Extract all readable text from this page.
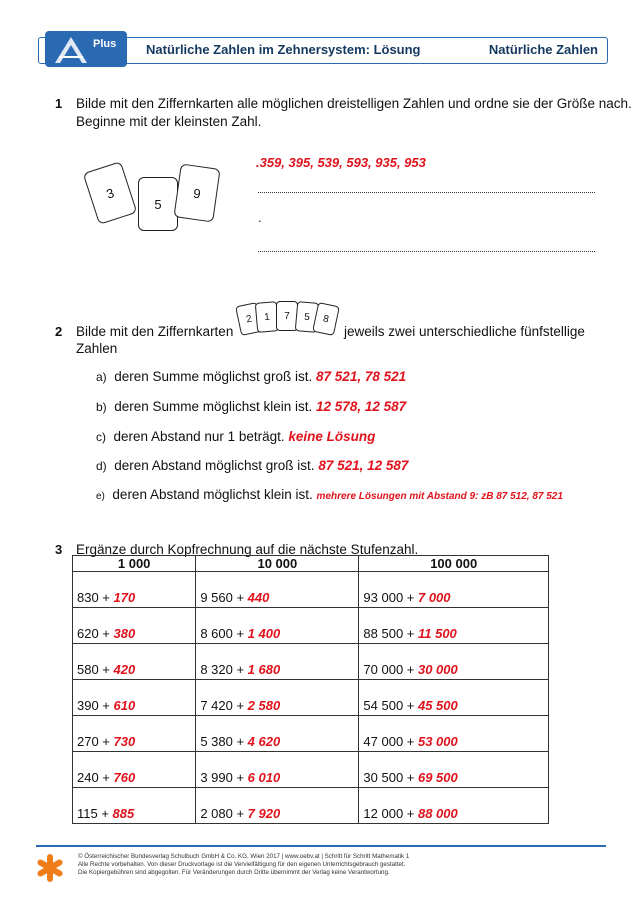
Plus Natürliche Zahlen im Zehnersystem: Lösung	Natürliche Zahlen
1 Bilde mit den Ziffernkarten alle möglichen dreistelligen Zahlen und ordne sie der Größe nach.
Beginne mit der kleinsten Zahl.
3
5
9
.359, 395, 539, 593, 935, 953
.
2 Bilde mit den Ziffernkarten
2 1 7 5 8
jeweils zwei unterschiedliche fünfstellige
Zahlen
a) deren Summe möglichst groß ist. 87 521, 78 521
b) deren Summe möglichst klein ist. 12 578, 12 587
c) deren Abstand nur 1 beträgt. keine Lösung
d) deren Abstand möglichst groß ist. 87 521, 12 587
e) deren Abstand möglichst klein ist. mehrere Lösungen mit Abstand 9: zB 87 512, 87 521
3 Ergänze durch Kopfrechnung auf die nächste Stufenzahl.
1 000	10 000	100 000
830 + 170	9 560 + 440	93 000 + 7 000
620 + 380	8 600 + 1 400	88 500 + 11 500
580 + 420	8 320 + 1 680	70 000 + 30 000
390 + 610	7 420 + 2 580	54 500 + 45 500
270 + 730	5 380 + 4 620	47 000 + 53 000
240 + 760	3 990 + 6 010	30 500 + 69 500
115 + 885	2 080 + 7 920	12 000 + 88 000
© Österreichischer Bundesverlag Schulbuch GmbH & Co. KG, Wien 2017 | www.oebv.at | Schritt für Schritt Mathematik 1
Alle Rechte vorbehalten. Von dieser Druckvorlage ist die Vervielfältigung für den eigenen Unterrichtsgebrauch gestattet.
Die Kopiergebühren sind abgegolten. Für Veränderungen durch Dritte übernimmt der Verlag keine Verantwortung.
